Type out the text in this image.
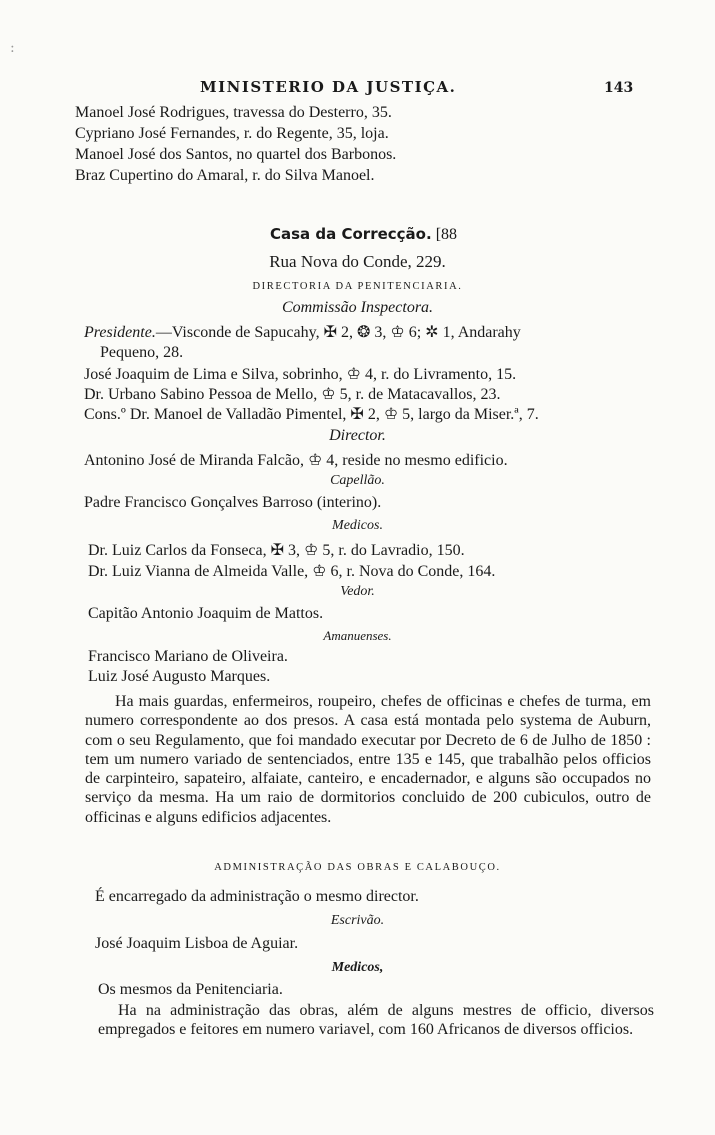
:
MINISTERIO DA JUSTIÇA.	143
Manoel José Rodrigues, travessa do Desterro, 35.
Cypriano José Fernandes, r. do Regente, 35, loja.
Manoel José dos Santos, no quartel dos Barbonos.
Braz Cupertino do Amaral, r. do Silva Manoel.
Casa da Correcção. [88
Rua Nova do Conde, 229.
DIRECTORIA DA PENITENCIARIA.
Commissão Inspectora.
Presidente.—Visconde de Sapucahy, ✠ 2, ❂ 3, ♔ 6; ✲ 1, Andarahy
Pequeno, 28.
José Joaquim de Lima e Silva, sobrinho, ♔ 4, r. do Livramento, 15.
Dr. Urbano Sabino Pessoa de Mello, ♔ 5, r. de Matacavallos, 23.
Cons.º Dr. Manoel de Valladão Pimentel, ✠ 2, ♔ 5, largo da Miser.ª, 7.
Director.
Antonino José de Miranda Falcão, ♔ 4, reside no mesmo edificio.
Capellão.
Padre Francisco Gonçalves Barroso (interino).
Medicos.
Dr. Luiz Carlos da Fonseca, ✠ 3, ♔ 5, r. do Lavradio, 150.
Dr. Luiz Vianna de Almeida Valle, ♔ 6, r. Nova do Conde, 164.
Vedor.
Capitão Antonio Joaquim de Mattos.
Amanuenses.
Francisco Mariano de Oliveira.
Luiz José Augusto Marques.

Ha mais guardas, enfermeiros, roupeiro, chefes de officinas e chefes de turma, em numero correspondente ao dos presos. A casa está montada pelo systema de Auburn, com o seu Regulamento, que foi mandado executar por Decreto de 6 de Julho de 1850 : tem um numero variado de sentenciados, entre 135 e 145, que trabalhão pelos officios de carpinteiro, sapateiro, alfaiate, canteiro, e encadernador, e alguns são occupados no serviço da mesma. Ha um raio de dormitorios concluido de 200 cubiculos, outro de officinas e alguns edificios adjacentes.

ADMINISTRAÇÃO DAS OBRAS E CALABOUÇO.
É encarregado da administração o mesmo director.
Escrivão.
José Joaquim Lisboa de Aguiar.
Medicos,
Os mesmos da Penitenciaria.

Ha na administração das obras, além de alguns mestres de officio, diversos empregados e feitores em numero variavel, com 160 Africanos de diversos officios.
